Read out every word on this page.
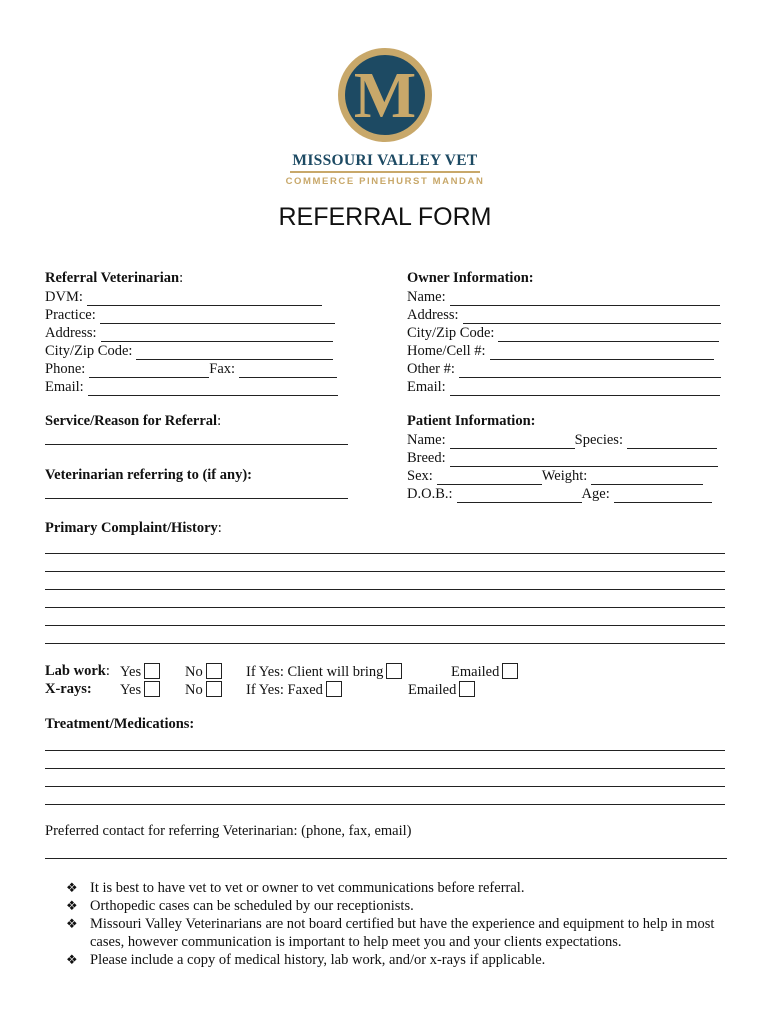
M
MISSOURI VALLEY VET
COMMERCE PINEHURST MANDAN
REFERRAL FORM
Referral Veterinarian:
DVM:
Practice:
Address:
City/Zip Code:
Phone:	Fax:
Email:
Owner Information:
Name:
Address:
City/Zip Code:
Home/Cell #:
Other #:
Email:
Service/Reason for Referral:
Veterinarian referring to (if any):
Patient Information:
Name:	Species:
Breed:
Sex:	Weight:
D.O.B.:	Age:
Primary Complaint/History:
Lab work: Yes	No	If Yes: Client will bring	Emailed
X-rays: Yes	No	If Yes: Faxed	Emailed
Treatment/Medications:
Preferred contact for referring Veterinarian: (phone, fax, email)
❖ It is best to have vet to vet or owner to vet communications before referral.
❖ Orthopedic cases can be scheduled by our receptionists.
❖ Missouri Valley Veterinarians are not board certified but have the experience and equipment to help in most cases, however communication is important to help meet you and your clients expectations.
❖ Please include a copy of medical history, lab work, and/or x-rays if applicable.
